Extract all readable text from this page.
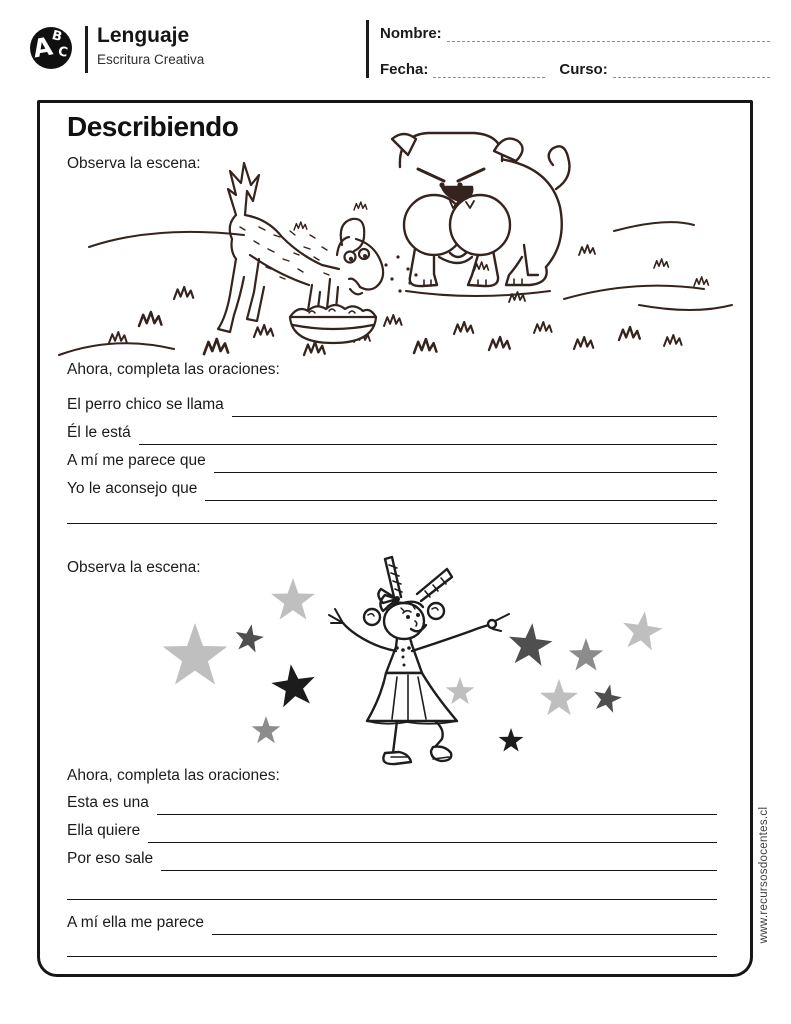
A
B
C
Lenguaje
Escritura Creativa
Nombre:
Fecha:	Curso:
Describiendo
Observa la escena:
Ahora, completa las oraciones:
El perro chico se llama
Él le está
A mí me parece que
Yo le aconsejo que
Observa la escena:
Ahora, completa las oraciones:
Esta es una
Ella quiere
Por eso sale
A mí ella me parece	www.recursosdocentes.cl
